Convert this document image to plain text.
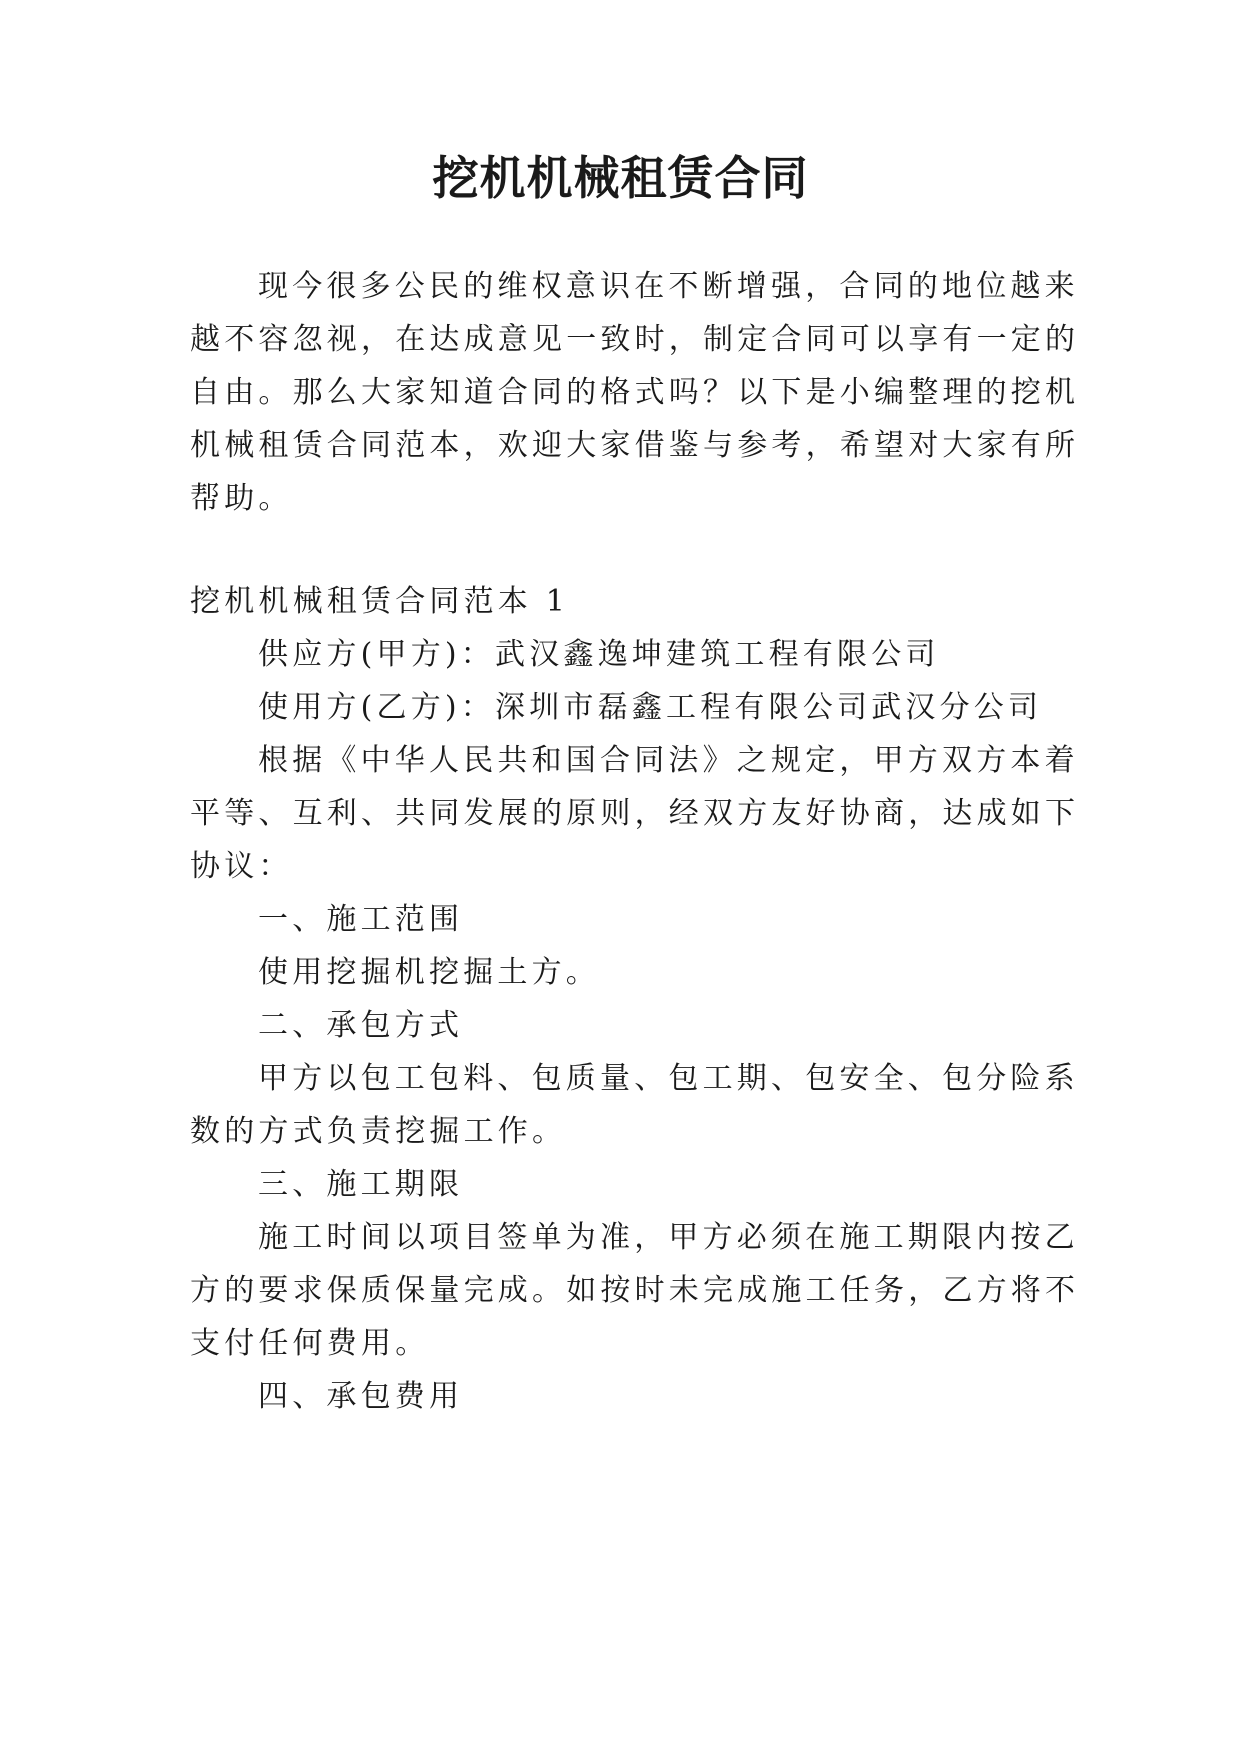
挖机机械租赁合同
现今很多公民的维权意识在不断增强，合同的地位越来
越不容忽视，在达成意见一致时，制定合同可以享有一定的
自由。那么大家知道合同的格式吗？以下是小编整理的挖机
机械租赁合同范本，欢迎大家借鉴与参考，希望对大家有所
帮助。
挖机机械租赁合同范本 1
供应方(甲方)：武汉鑫逸坤建筑工程有限公司
使用方(乙方)：深圳市磊鑫工程有限公司武汉分公司
根据《中华人民共和国合同法》之规定，甲方双方本着
平等、互利、共同发展的原则，经双方友好协商，达成如下
协议：
一、施工范围
使用挖掘机挖掘土方。
二、承包方式
甲方以包工包料、包质量、包工期、包安全、包分险系
数的方式负责挖掘工作。
三、施工期限
施工时间以项目签单为准，甲方必须在施工期限内按乙
方的要求保质保量完成。如按时未完成施工任务，乙方将不
支付任何费用。
四、承包费用
